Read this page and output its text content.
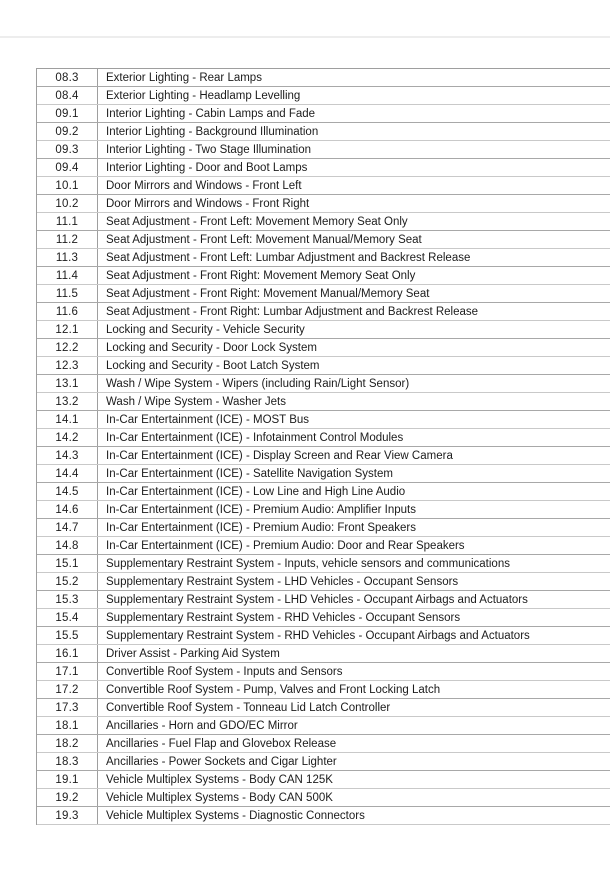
08.3	Exterior Lighting - Rear Lamps
08.4	Exterior Lighting - Headlamp Levelling
09.1	Interior Lighting - Cabin Lamps and Fade
09.2	Interior Lighting - Background Illumination
09.3	Interior Lighting - Two Stage Illumination
09.4	Interior Lighting - Door and Boot Lamps
10.1	Door Mirrors and Windows - Front Left
10.2	Door Mirrors and Windows - Front Right
11.1	Seat Adjustment - Front Left: Movement Memory Seat Only
11.2	Seat Adjustment - Front Left: Movement Manual/Memory Seat
11.3	Seat Adjustment - Front Left: Lumbar Adjustment and Backrest Release
11.4	Seat Adjustment - Front Right: Movement Memory Seat Only
11.5	Seat Adjustment - Front Right: Movement Manual/Memory Seat
11.6	Seat Adjustment - Front Right: Lumbar Adjustment and Backrest Release
12.1	Locking and Security - Vehicle Security
12.2	Locking and Security - Door Lock System
12.3	Locking and Security - Boot Latch System
13.1	Wash / Wipe System - Wipers (including Rain/Light Sensor)
13.2	Wash / Wipe System - Washer Jets
14.1	In-Car Entertainment (ICE) - MOST Bus
14.2	In-Car Entertainment (ICE) - Infotainment Control Modules
14.3	In-Car Entertainment (ICE) - Display Screen and Rear View Camera
14.4	In-Car Entertainment (ICE) - Satellite Navigation System
14.5	In-Car Entertainment (ICE) - Low Line and High Line Audio
14.6	In-Car Entertainment (ICE) - Premium Audio: Amplifier Inputs
14.7	In-Car Entertainment (ICE) - Premium Audio: Front Speakers
14.8	In-Car Entertainment (ICE) - Premium Audio: Door and Rear Speakers
15.1	Supplementary Restraint System - Inputs, vehicle sensors and communications
15.2	Supplementary Restraint System - LHD Vehicles - Occupant Sensors
15.3	Supplementary Restraint System - LHD Vehicles - Occupant Airbags and Actuators
15.4	Supplementary Restraint System - RHD Vehicles - Occupant Sensors
15.5	Supplementary Restraint System - RHD Vehicles - Occupant Airbags and Actuators
16.1	Driver Assist - Parking Aid System
17.1	Convertible Roof System - Inputs and Sensors
17.2	Convertible Roof System - Pump, Valves and Front Locking Latch
17.3	Convertible Roof System - Tonneau Lid Latch Controller
18.1	Ancillaries - Horn and GDO/EC Mirror
18.2	Ancillaries - Fuel Flap and Glovebox Release
18.3	Ancillaries - Power Sockets and Cigar Lighter
19.1	Vehicle Multiplex Systems - Body CAN 125K
19.2	Vehicle Multiplex Systems - Body CAN 500K
19.3	Vehicle Multiplex Systems - Diagnostic Connectors
